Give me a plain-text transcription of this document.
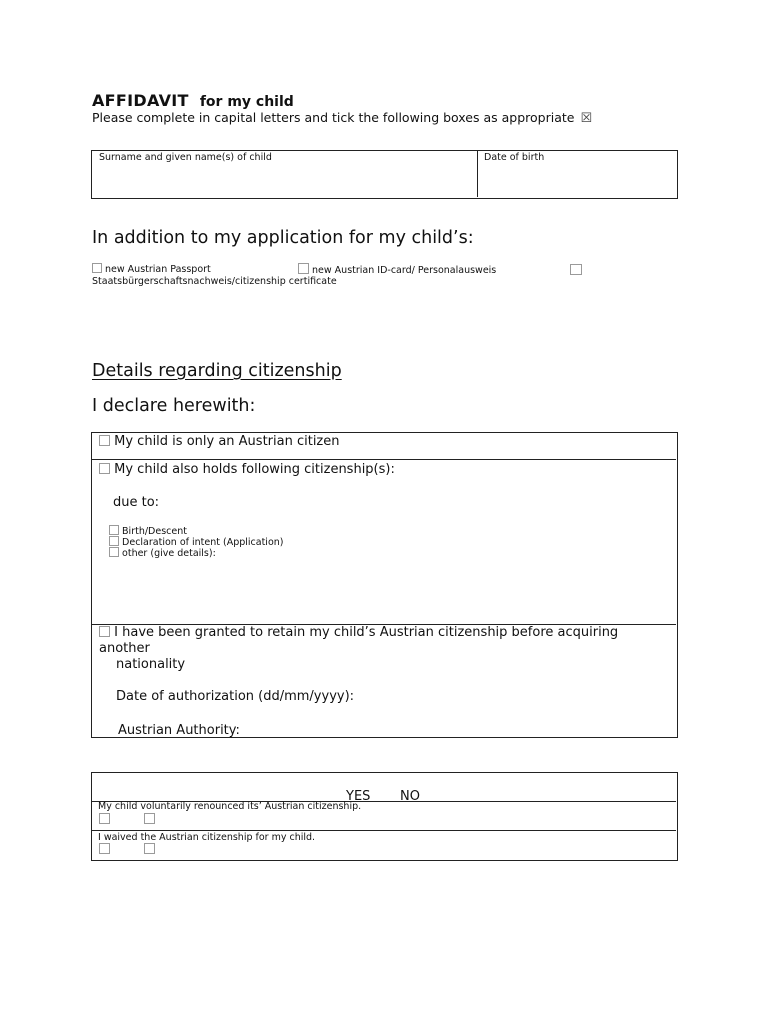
AFFIDAVIT for my child
Please complete in capital letters and tick the following boxes as appropriate ☒
Surname and given name(s) of child	Date of birth
In addition to my application for my child’s:
new Austrian Passport	new Austrian ID-card/ Personalausweis
Staatsbürgerschaftsnachweis/citizenship certificate
Details regarding citizenship
I declare herewith:
My child is only an Austrian citizen
My child also holds following citizenship(s):
due to:
Birth/Descent
Declaration of intent (Application)
other (give details):
I have been granted to retain my child’s Austrian citizenship before acquiring another
nationality
Date of authorization (dd/mm/yyyy):
Austrian Authority:
YES NO
My child voluntarily renounced its’ Austrian citizenship.
I waived the Austrian citizenship for my child.
